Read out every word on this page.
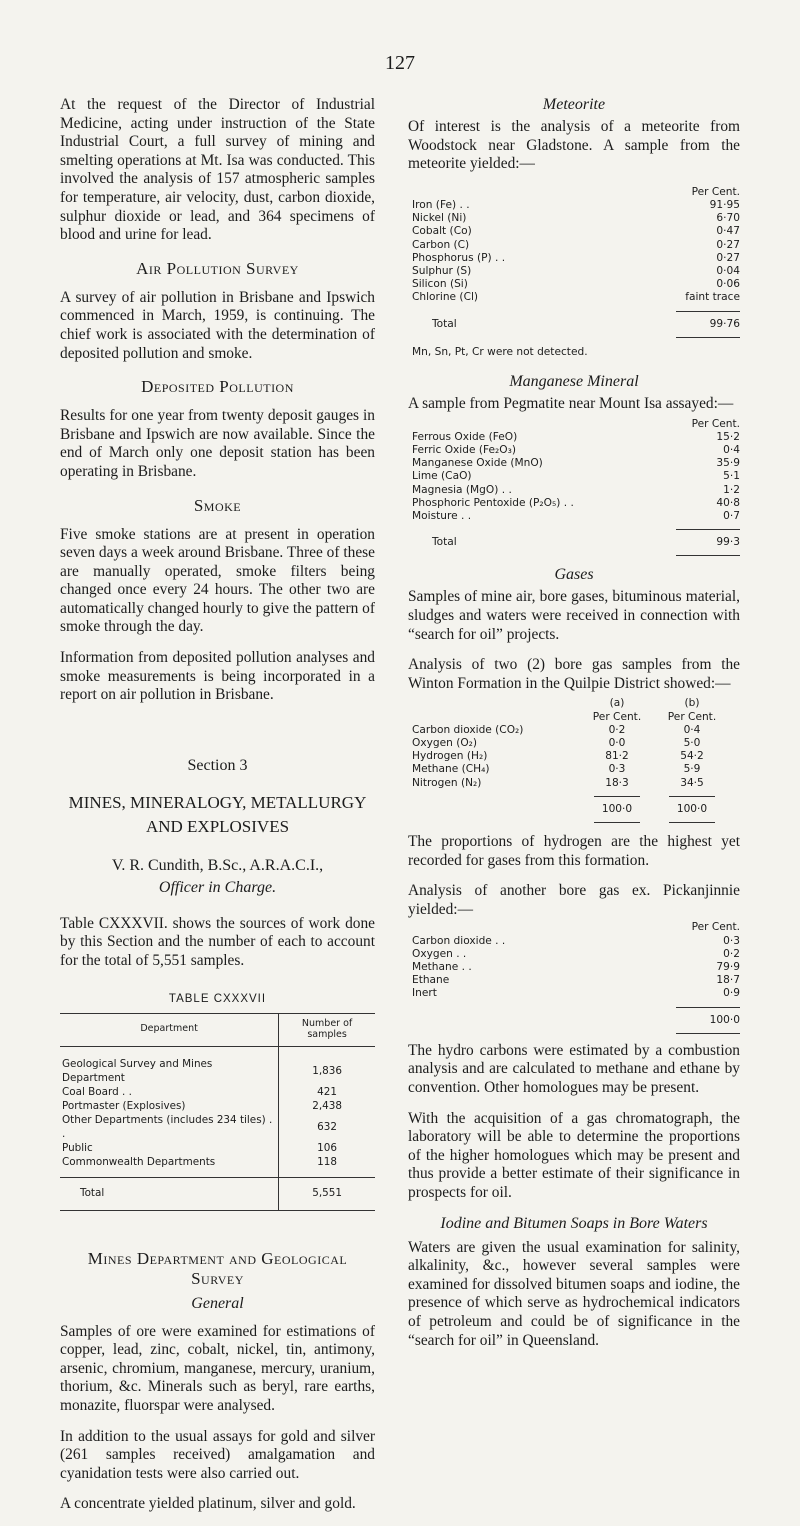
127

At the request of the Director of Industrial Medicine, acting under instruction of the State Industrial Court, a full survey of mining and smelting operations at Mt. Isa was conducted. This involved the analysis of 157 atmospheric samples for temperature, air velocity, dust, carbon dioxide, sulphur dioxide or lead, and 364 specimens of blood and urine for lead.

Air Pollution Survey

A survey of air pollution in Brisbane and Ipswich commenced in March, 1959, is continuing. The chief work is associated with the determination of deposited pollution and smoke.

Deposited Pollution

Results for one year from twenty deposit gauges in Brisbane and Ipswich are now available. Since the end of March only one deposit station has been operating in Brisbane.

Smoke

Five smoke stations are at present in operation seven days a week around Brisbane. Three of these are manually operated, smoke filters being changed once every 24 hours. The other two are automatically changed hourly to give the pattern of smoke through the day.

Information from deposited pollution analyses and smoke measurements is being incorporated in a report on air pollution in Brisbane.

Section 3
MINES, MINERALOGY, METALLURGY
AND EXPLOSIVES
V. R. Cundith, B.Sc., A.R.A.C.I.,
Officer in Charge.

Table CXXXVII. shows the sources of work done by this Section and the number of each to account for the total of 5,551 samples.

TABLE CXXXVII
Department	Number of samples
Geological Survey and Mines Department	1,836
Coal Board . .	421
Portmaster (Explosives)	2,438
Other Departments (includes 234 tiles) . .	632
Public	106
Commonwealth Departments	118
Total	5,551
Mines Department and Geological Survey
General

Samples of ore were examined for estimations of copper, lead, zinc, cobalt, nickel, tin, antimony, arsenic, chromium, manganese, mercury, uranium, thorium, &c. Minerals such as beryl, rare earths, monazite, fluorspar were analysed.

In addition to the usual assays for gold and silver (261 samples received) amalgamation and cyanidation tests were also carried out.

A concentrate yielded platinum, silver and gold.

Meteorite

Of interest is the analysis of a meteorite from Woodstock near Gladstone. A sample from the meteorite yielded:—

Per Cent.
Iron (Fe) . .	91·95
Nickel (Ni)	6·70
Cobalt (Co)	0·47
Carbon (C)	0·27
Phosphorus (P) . .	0·27
Sulphur (S)	0·04
Silicon (Si)	0·06
Chlorine (Cl)	faint trace
Total	99·76
Mn, Sn, Pt, Cr were not detected.
Manganese Mineral

A sample from Pegmatite near Mount Isa assayed:—

Per Cent.
Ferrous Oxide (FeO)	15·2
Ferric Oxide (Fe₂O₃)	0·4
Manganese Oxide (MnO)	35·9
Lime (CaO)	5·1
Magnesia (MgO) . .	1·2
Phosphoric Pentoxide (P₂O₅) . .	40·8
Moisture . .	0·7
Total	99·3
Gases

Samples of mine air, bore gases, bituminous material, sludges and waters were received in connection with “search for oil” projects.

Analysis of two (2) bore gas samples from the Winton Formation in the Quilpie District showed:—

(a)	(b)
Per Cent.	Per Cent.
Carbon dioxide (CO₂)	0·2	0·4
Oxygen (O₂)	0·0	5·0
Hydrogen (H₂)	81·2	54·2
Methane (CH₄)	0·3	5·9
Nitrogen (N₂)	18·3	34·5
100·0	100·0

The proportions of hydrogen are the highest yet recorded for gases from this formation.

Analysis of another bore gas ex. Pickanjinnie yielded:—

Per Cent.
Carbon dioxide . .	0·3
Oxygen . .	0·2
Methane . .	79·9
Ethane	18·7
Inert	0·9
100·0

The hydro carbons were estimated by a combustion analysis and are calculated to methane and ethane by convention. Other homologues may be present.

With the acquisition of a gas chromatograph, the laboratory will be able to determine the proportions of the higher homologues which may be present and thus provide a better estimate of their significance in prospects for oil.

Iodine and Bitumen Soaps in Bore Waters

Waters are given the usual examination for salinity, alkalinity, &c., however several samples were examined for dissolved bitumen soaps and iodine, the presence of which serve as hydrochemical indicators of petroleum and could be of significance in the “search for oil” in Queensland.
